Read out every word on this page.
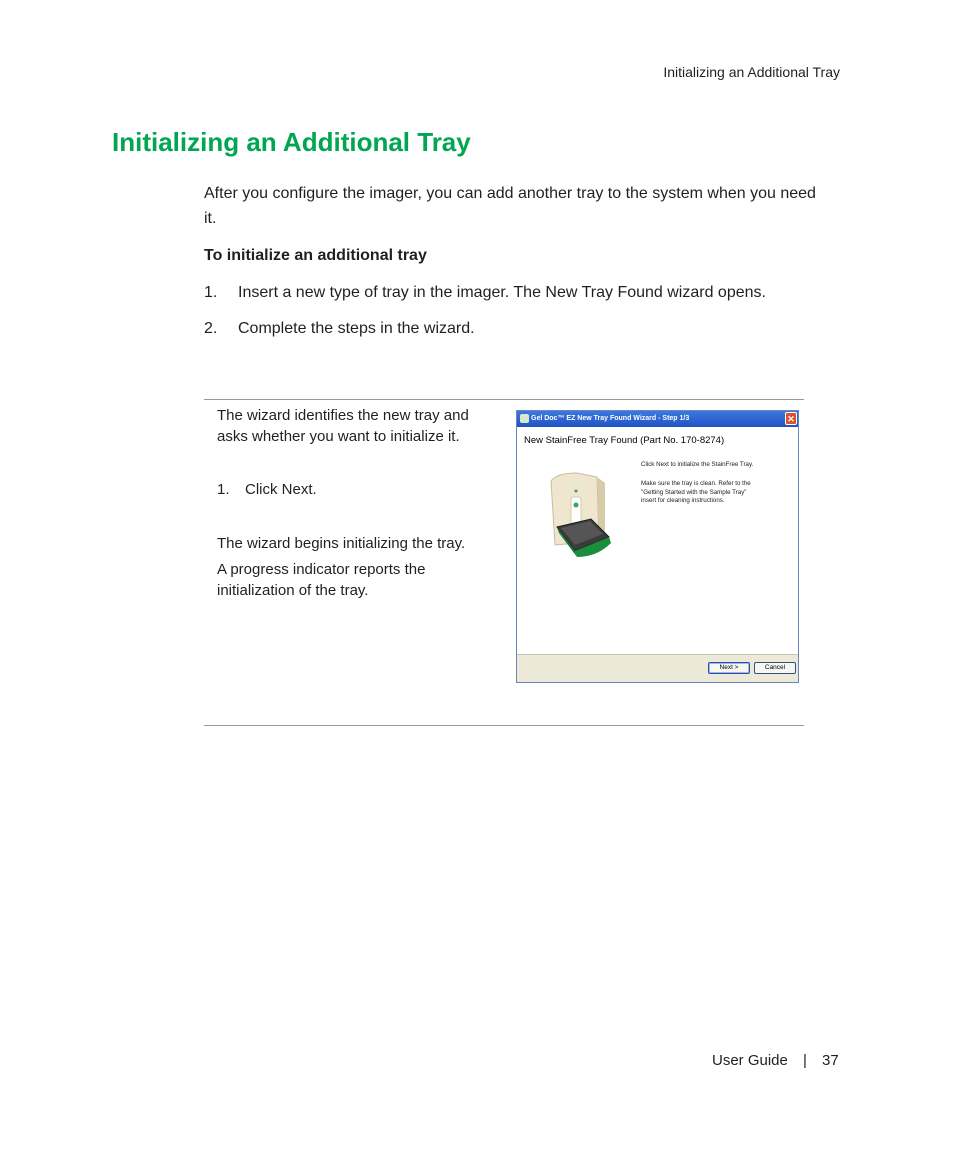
Initializing an Additional Tray
Initializing an Additional Tray

After you configure the imager, you can add another tray to the system when you need it.

To initialize an additional tray
1. Insert a new type of tray in the imager. The New Tray Found wizard opens.
2. Complete the steps in the wizard.
The wizard identifies the new tray and
asks whether you want to initialize it.
1. Click Next.
The wizard begins initializing the tray.
A progress indicator reports the
initialization of the tray.
Gel Doc™ EZ New Tray Found Wizard - Step 1/3	✕
New StainFree Tray Found (Part No. 170-8274)
Click Next to initialize the StainFree Tray.
Make sure the tray is clean. Refer to the
"Getting Started with the Sample Tray"
insert for cleaning instructions.
Next >	Cancel
User Guide | 37
